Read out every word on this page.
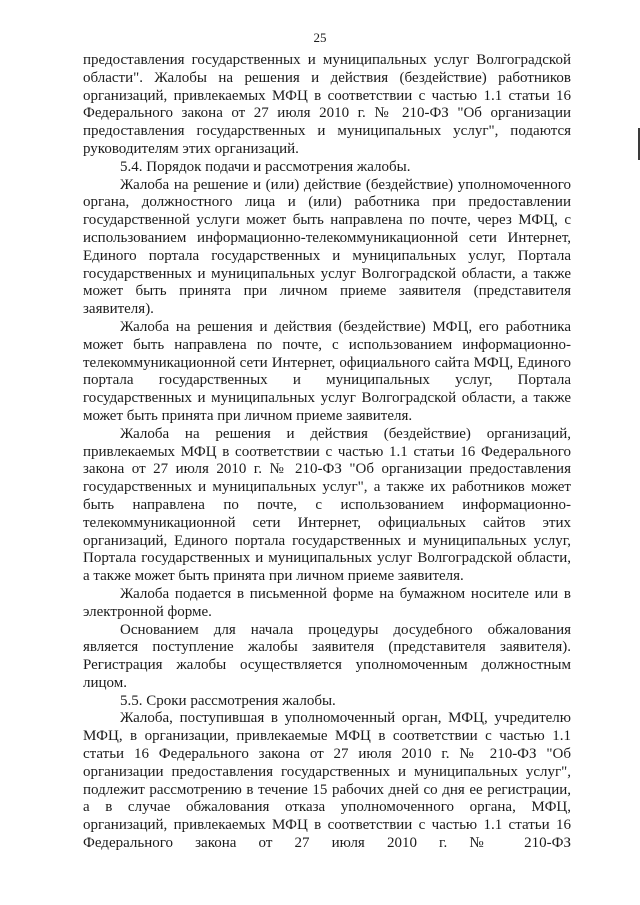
25

предоставления государственных и муниципальных услуг Волгоградской области". Жалобы на решения и действия (бездействие) работников организаций, привлекаемых МФЦ в соответствии с частью 1.1 статьи 16 Федерального закона от 27 июля 2010 г. № 210-ФЗ "Об организации предоставления государственных и муниципальных услуг", подаются руководителям этих организаций.

5.4. Порядок подачи и рассмотрения жалобы.

Жалоба на решение и (или) действие (бездействие) уполномоченного органа, должностного лица и (или) работника при предоставлении государственной услуги может быть направлена по почте, через МФЦ, с использованием информационно-телекоммуникационной сети Интернет, Единого портала государственных и муниципальных услуг, Портала государственных и муниципальных услуг Волгоградской области, а также может быть принята при личном приеме заявителя (представителя заявителя).

Жалоба на решения и действия (бездействие) МФЦ, его работника может быть направлена по почте, с использованием информационно-телекоммуникационной сети Интернет, официального сайта МФЦ, Единого портала государственных и муниципальных услуг, Портала государственных и муниципальных услуг Волгоградской области, а также может быть принята при личном приеме заявителя.

Жалоба на решения и действия (бездействие) организаций, привлекаемых МФЦ в соответствии с частью 1.1 статьи 16 Федерального закона от 27 июля 2010 г. № 210-ФЗ "Об организации предоставления государственных и муниципальных услуг", а также их работников может быть направлена по почте, с использованием информационно-телекоммуникационной сети Интернет, официальных сайтов этих организаций, Единого портала государственных и муниципальных услуг, Портала государственных и муниципальных услуг Волгоградской области, а также может быть принята при личном приеме заявителя.

Жалоба подается в письменной форме на бумажном носителе или в электронной форме.

Основанием для начала процедуры досудебного обжалования является поступление жалобы заявителя (представителя заявителя). Регистрация жалобы осуществляется уполномоченным должностным лицом.

5.5. Сроки рассмотрения жалобы.

Жалоба, поступившая в уполномоченный орган, МФЦ, учредителю МФЦ, в организации, привлекаемые МФЦ в соответствии с частью 1.1 статьи 16 Федерального закона от 27 июля 2010 г. № 210-ФЗ "Об организации предоставления государственных и муниципальных услуг", подлежит рассмотрению в течение 15 рабочих дней со дня ее регистрации, а в случае обжалования отказа уполномоченного органа, МФЦ, организаций, привлекаемых МФЦ в соответствии с частью 1.1 статьи 16 Федерального закона от 27 июля 2010 г. № 210-ФЗ
